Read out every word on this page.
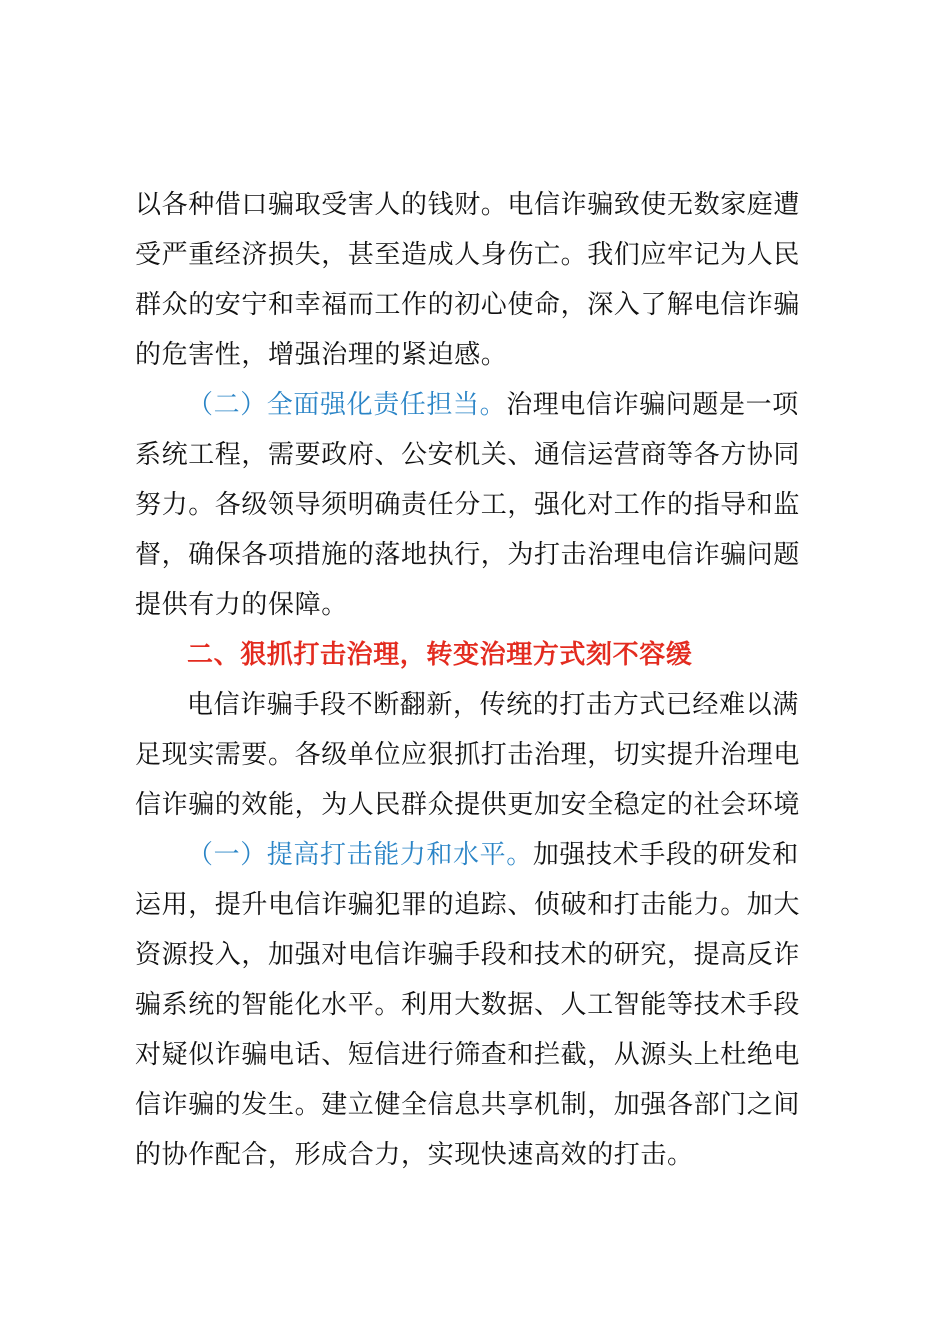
以各种借口骗取受害人的钱财。电信诈骗致使无数家庭遭
受严重经济损失，甚至造成人身伤亡。我们应牢记为人民
群众的安宁和幸福而工作的初心使命，深入了解电信诈骗
的危害性，增强治理的紧迫感。
（二）全面强化责任担当。治理电信诈骗问题是一项
系统工程，需要政府、公安机关、通信运营商等各方协同
努力。各级领导须明确责任分工，强化对工作的指导和监
督，确保各项措施的落地执行，为打击治理电信诈骗问题
提供有力的保障。
二、狠抓打击治理，转变治理方式刻不容缓
电信诈骗手段不断翻新，传统的打击方式已经难以满
足现实需要。各级单位应狠抓打击治理，切实提升治理电
信诈骗的效能，为人民群众提供更加安全稳定的社会环境
（一）提高打击能力和水平。加强技术手段的研发和
运用，提升电信诈骗犯罪的追踪、侦破和打击能力。加大
资源投入，加强对电信诈骗手段和技术的研究，提高反诈
骗系统的智能化水平。利用大数据、人工智能等技术手段
对疑似诈骗电话、短信进行筛查和拦截，从源头上杜绝电
信诈骗的发生。建立健全信息共享机制，加强各部门之间
的协作配合，形成合力，实现快速高效的打击。
